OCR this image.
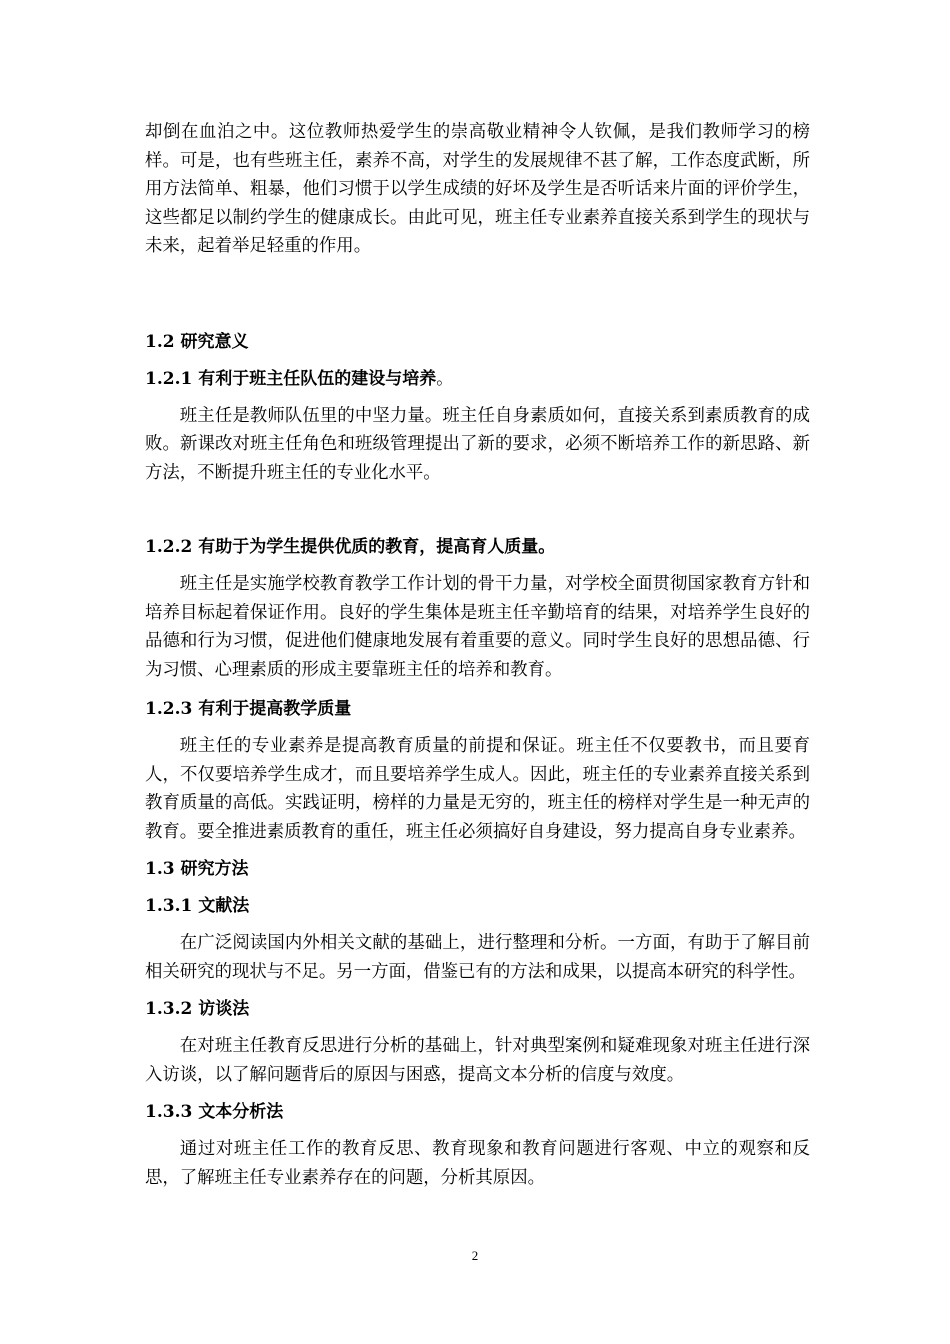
却倒在血泊之中。这位教师热爱学生的崇高敬业精神令人钦佩，是我们教师学习的榜样。可是，也有些班主任，素养不高，对学生的发展规律不甚了解，工作态度武断，所用方法简单、粗暴，他们习惯于以学生成绩的好坏及学生是否听话来片面的评价学生，这些都足以制约学生的健康成长。由此可见，班主任专业素养直接关系到学生的现状与未来，起着举足轻重的作用。

1.2 研究意义

1.2.1 有利于班主任队伍的建设与培养。

班主任是教师队伍里的中坚力量。班主任自身素质如何，直接关系到素质教育的成败。新课改对班主任角色和班级管理提出了新的要求，必须不断培养工作的新思路、新方法，不断提升班主任的专业化水平。

1.2.2 有助于为学生提供优质的教育，提高育人质量。

班主任是实施学校教育教学工作计划的骨干力量，对学校全面贯彻国家教育方针和培养目标起着保证作用。良好的学生集体是班主任辛勤培育的结果，对培养学生良好的品德和行为习惯，促进他们健康地发展有着重要的意义。同时学生良好的思想品德、行为习惯、心理素质的形成主要靠班主任的培养和教育。

1.2.3 有利于提高教学质量

班主任的专业素养是提高教育质量的前提和保证。班主任不仅要教书，而且要育人，不仅要培养学生成才，而且要培养学生成人。因此，班主任的专业素养直接关系到教育质量的高低。实践证明，榜样的力量是无穷的，班主任的榜样对学生是一种无声的教育。要全推进素质教育的重任，班主任必须搞好自身建设，努力提高自身专业素养。

1.3 研究方法

1.3.1 文献法

在广泛阅读国内外相关文献的基础上，进行整理和分析。一方面，有助于了解目前相关研究的现状与不足。另一方面，借鉴已有的方法和成果，以提高本研究的科学性。

1.3.2 访谈法

在对班主任教育反思进行分析的基础上，针对典型案例和疑难现象对班主任进行深入访谈，以了解问题背后的原因与困惑，提高文本分析的信度与效度。

1.3.3 文本分析法

通过对班主任工作的教育反思、教育现象和教育问题进行客观、中立的观察和反思，了解班主任专业素养存在的问题，分析其原因。

2
